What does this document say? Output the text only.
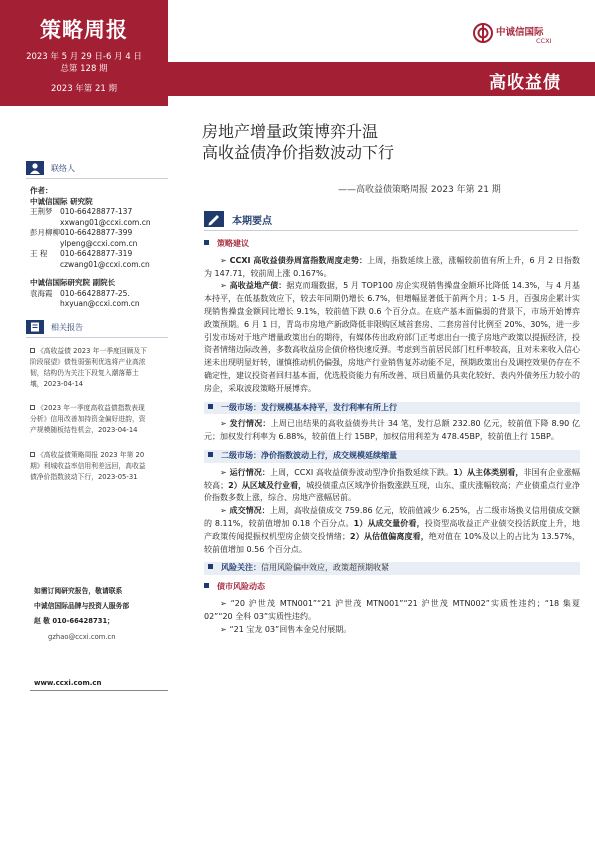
策略周报
2023 年 5 月 29 日-6 月 4 日
总第 128 期
2023 年第 21 期	高收益债
中诚信国际
CCXI
联络人
作者：
中诚信国际 研究院
王荆梦	010-66428877-137
xxwang01@ccxi.com.cn
彭月柳柳 010-66428877-399
ylpeng@ccxi.com.cn
王 程	010-66428877-319
czwang01@ccxi.com.cn
中诚信国际研究院 副院长
袁海霞	010-66428877-25.
hxyuan@ccxi.com.cn
相关报告
《高收益债 2023 年一季度回顾及下阶段展望》债性弱强利优选将产业高浓韧，结构仍为关注下段复入潮落幕土壤，2023-04-14
《2023 年一季度高收益债指数表现分析》信用改善加持资金偏好进韵，资产规模随板结性机会，2023-04-14
《高收益债策略周报 2023 年第 20 期》利城收益率信用利差远回，高收益债净价指数波动下行，2023-05-31
如需订阅研究报告，敬请联系
中诚信国际品牌与投资人服务部
赵 敬 010-66428731；
gzhao@ccxi.com.cn
www.ccxi.com.cn
房地产增量政策博弈升温
高收益债净价指数波动下行
——高收益债策略周报 2023 年第 21 期
本期要点
策略建议
➢ CCXI 高收益债券周富指数周度走势：上周，指数延续上涨，涨幅较前值有所上升，6 月 2 日指数为 147.71，较前周上涨 0.167%。
➢ 高收益地产债：据克而瑞数据，5 月 TOP100 房企实现销售操盘金额环比降低 14.3%，与 4 月基本持平，在低基数效应下，较去年同期仍增长 6.7%，但增幅显著低于前两个月；1-5 月，百强房企累计实现销售操盘金额同比增长 9.1%，较前值下跌 0.6 个百分点。在底产基本面偏弱的背景下，市场开始博弈政策预期。6 月 1 日，青岛市房地产新政降低非限购区域首套房、二套房首付比例至 20%、30%，进一步引发市场对于地产增量政策出台的期待，有媒体传出政府部门正考虑出台一揽子房地产政策以提振经济，投资者情绪边际改善，多数高收益房企债价格快速反弹。考虑到当前居民部门杠杆率较高，且对未来收入信心迷未出现明显好转，谨慎推动机仍偏强，房地产行业销售复苏动能不足，预期政策出台及调控效果仍存在不确定性，建议投资者回归基本面，优选股资能力有所改善、项目质量仍具卖化较好、表内外债务压力较小的房企，采取波段策略开展博弈。
一级市场：发行规模基本持平，发行利率有所上行
➢ 发行情况：上周已出结果的高收益债券共计 34 笔，发行总额 232.80 亿元，较前值下降 8.90 亿元；加权发行利率为 6.88%，较前值上行 15BP，加权信用利差为 478.45BP，较前值上行 15BP。
二级市场：净价指数波动上行，成交规模延续缩量
➢ 运行情况：上周，CCXI 高收益债券波动型净价指数延续下跌。1）从主体类别看，非国有企业涨幅较高；2）从区域及行业看，城投债重点区域净价指数涨跌互现，山东、重庆涨幅较高；产业债重点行业净价指数多数上涨，综合、房地产涨幅居前。
➢ 成交情况：上周，高收益债成交 759.86 亿元，较前值减少 6.25%，占二级市场换义信用债成交额的 8.11%，较前值增加 0.18 个百分点。1）从成交量价看，投资型高收益正产业债交投活跃度上升，地产政策传闻提振权机型房企债交投情绪；2）从估值偏离度看，绝对值在 10%及以上的占比为 13.57%，较前值增加 0.56 个百分点。
风险关注：信用风险偏中效应，政策超预期收紧
债市风险动态
➢ “20 沪世茂 MTN001”“21 沪世茂 MTN001”“21 沪世茂 MTN002”实质性违约；“18 集夏 02”“20 全科 03”实质性违约。
➢ “21 宝龙 03”回售本金兑付展期。
